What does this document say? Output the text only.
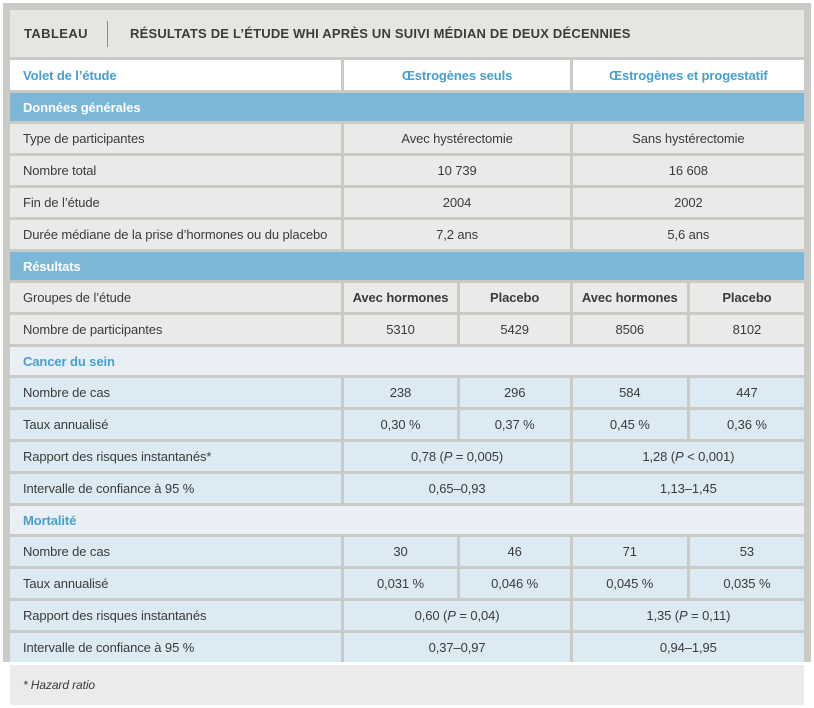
TABLEAU RÉSULTATS DE L’ÉTUDE WHI APRÈS UN SUIVI MÉDIAN DE DEUX DÉCENNIES				

Volet de l’étude	Œstrogènes seuls		Œstrogènes et progestatif	
Données générales				
Type de participantes	Avec hystérectomie		Sans hystérectomie	
Nombre total	10 739		16 608	
Fin de l’étude	2004		2002	
Durée médiane de la prise d’hormones ou du placebo	7,2 ans		5,6 ans	
Résultats				
Groupes de l’étude	Avec hormones	Placebo	Avec hormones	Placebo
Nombre de participantes	5310	5429	8506	8102
Cancer du sein				
Nombre de cas	238	296	584	447
Taux annualisé	0,30 %	0,37 %	0,45 %	0,36 %
Rapport des risques instantanés*	0,78 (P = 0,005)		1,28 (P < 0,001)	
Intervalle de confiance à 95 %	0,65–0,93		1,13–1,45	
Mortalité				
Nombre de cas	30	46	71	53
Taux annualisé	0,031 %	0,046 %	0,045 %	0,035 %
Rapport des risques instantanés	0,60 (P = 0,04)		1,35 (P = 0,11)	
Intervalle de confiance à 95 %	0,37–0,97		0,94–1,95	
* Hazard ratio				
